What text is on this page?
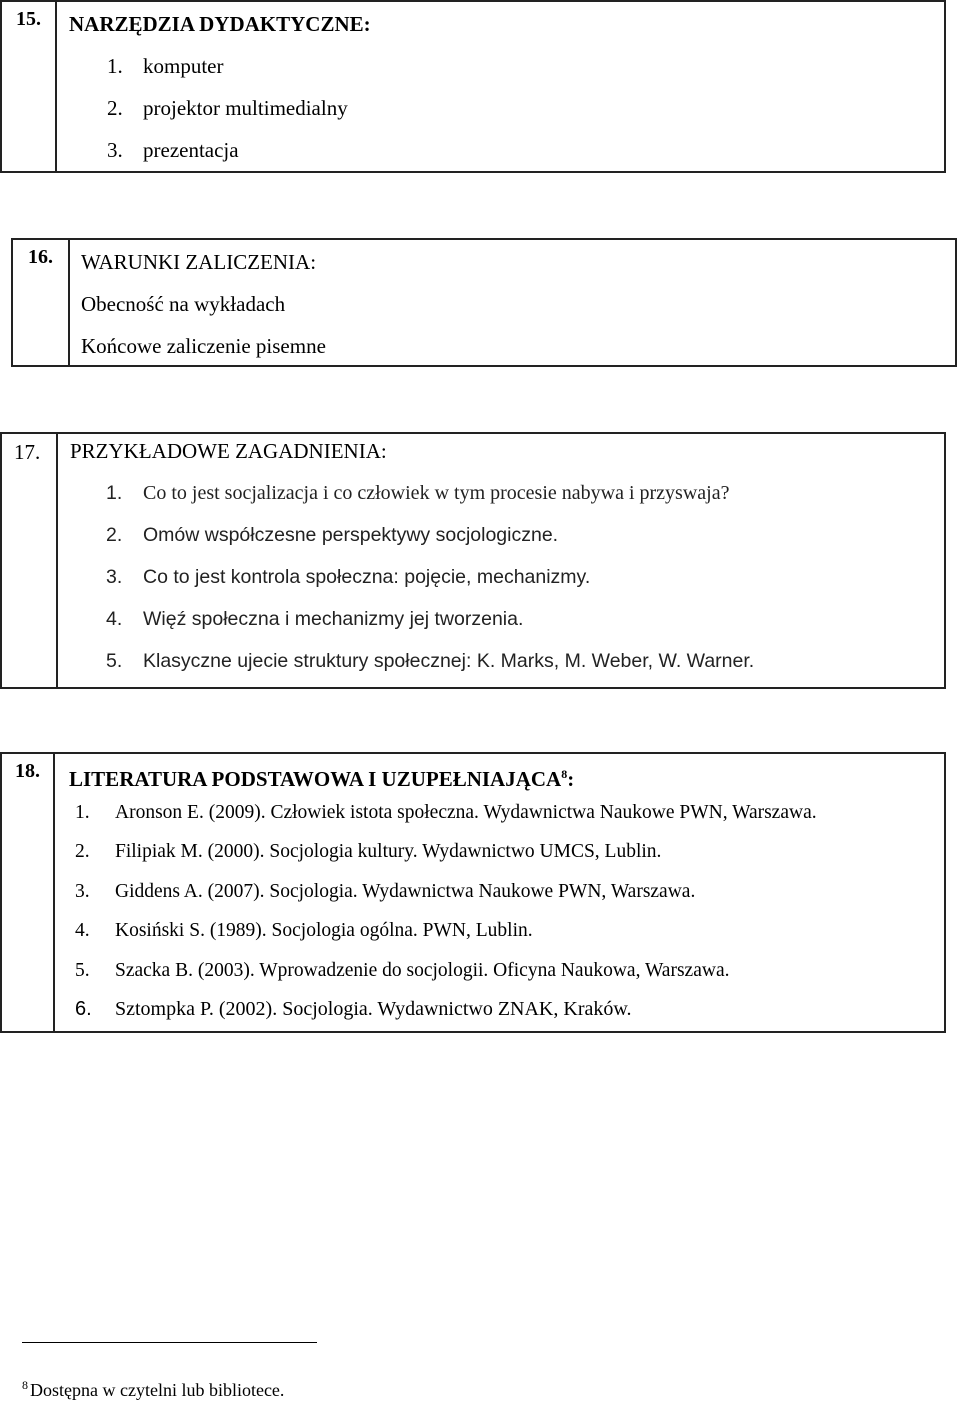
15.	NARZĘDZIA DYDAKTYCZNE:
1. komputer
2. projektor multimedialny
3. prezentacja
16.	WARUNKI ZALICZENIA:
Obecność na wykładach
Końcowe zaliczenie pisemne
17.	PRZYKŁADOWE ZAGADNIENIA:
1. Co to jest socjalizacja i co człowiek w tym procesie nabywa i przyswaja?
2. Omów współczesne perspektywy socjologiczne.
3. Co to jest kontrola społeczna: pojęcie, mechanizmy.
4. Więź społeczna i mechanizmy jej tworzenia.
5. Klasyczne ujecie struktury społecznej: K. Marks, M. Weber, W. Warner.
18.	LITERATURA PODSTAWOWA I UZUPEŁNIAJĄCA$^8$:
1. Aronson E. (2009). Człowiek istota społeczna. Wydawnictwa Naukowe PWN, Warszawa.
2. Filipiak M. (2000). Socjologia kultury. Wydawnictwo UMCS, Lublin.
3. Giddens A. (2007). Socjologia. Wydawnictwa Naukowe PWN, Warszawa.
4. Kosiński S. (1989). Socjologia ogólna. PWN, Lublin.
5. Szacka B. (2003). Wprowadzenie do socjologii. Oficyna Naukowa, Warszawa.
6. Sztompka P. (2002). Socjologia. Wydawnictwo ZNAK, Kraków.
$^8$ Dostępna w czytelni lub bibliotece.
